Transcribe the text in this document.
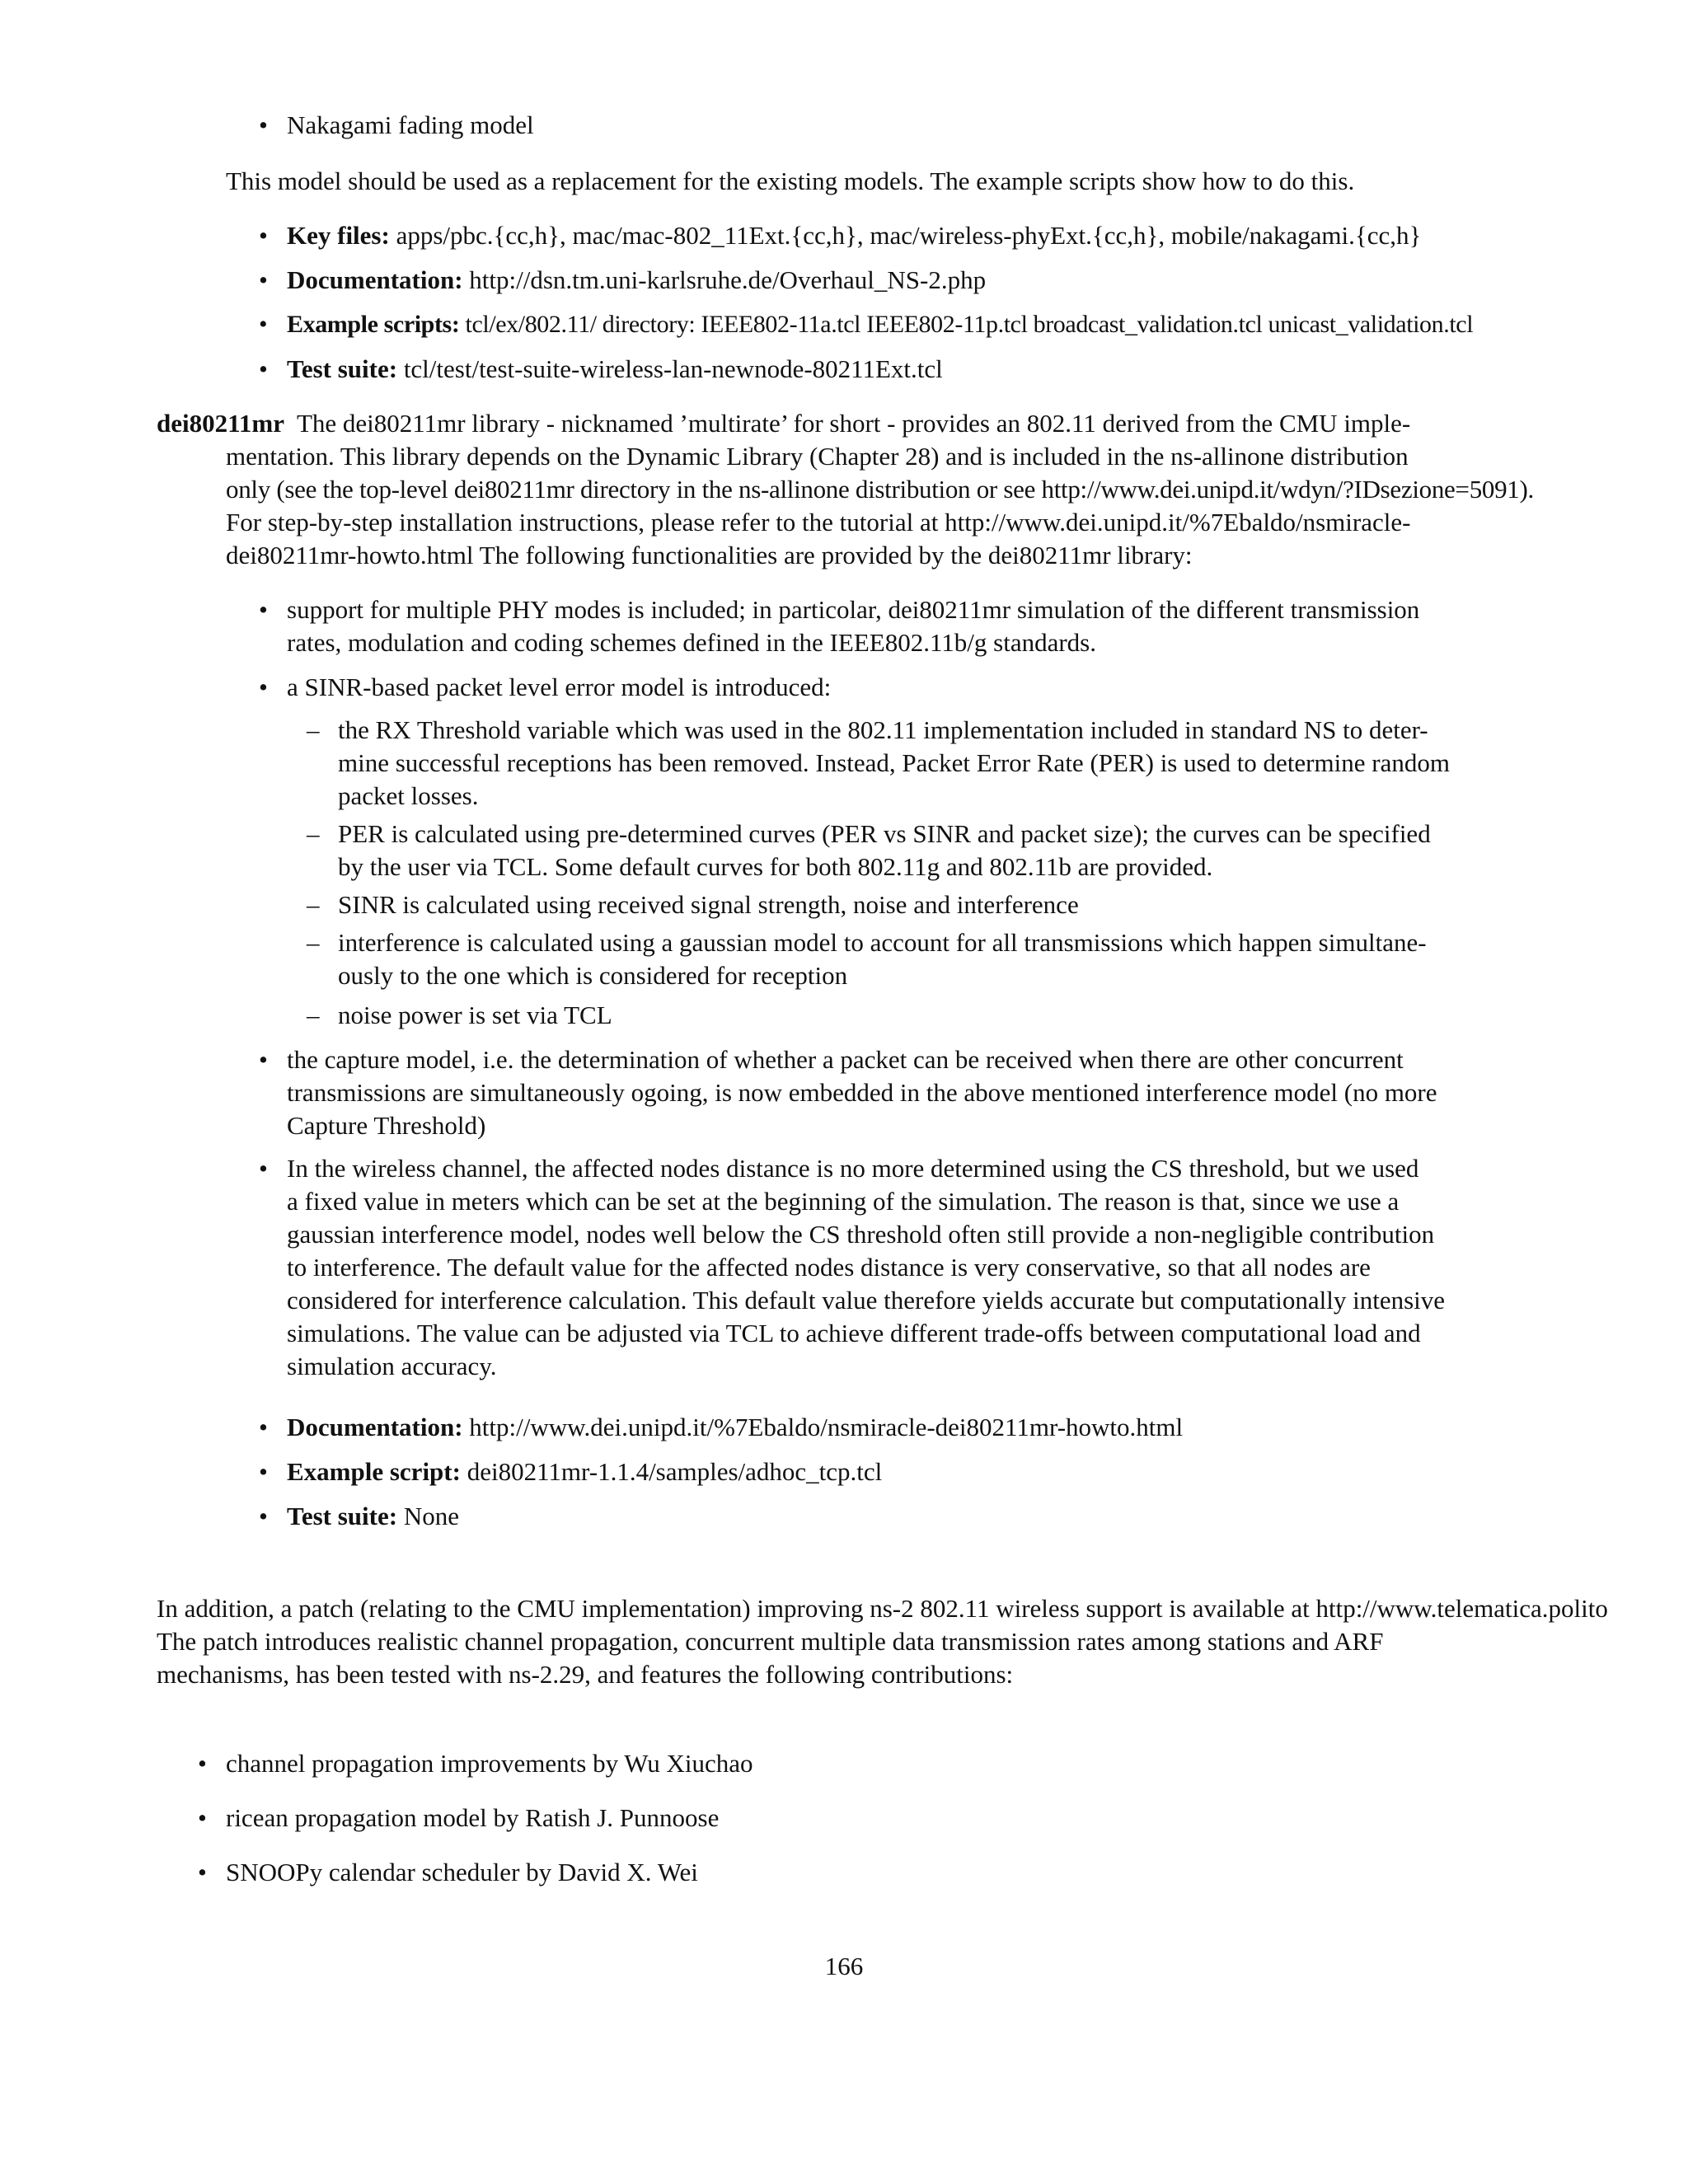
• Nakagami fading model
This model should be used as a replacement for the existing models. The example scripts show how to do this.
• Key files: apps/pbc.{cc,h}, mac/mac-802_11Ext.{cc,h}, mac/wireless-phyExt.{cc,h}, mobile/nakagami.{cc,h}
• Documentation: http://dsn.tm.uni-karlsruhe.de/Overhaul_NS-2.php
• Example scripts: tcl/ex/802.11/ directory: IEEE802-11a.tcl IEEE802-11p.tcl broadcast_validation.tcl unicast_validation.tcl
• Test suite: tcl/test/test-suite-wireless-lan-newnode-80211Ext.tcl
dei80211mr The dei80211mr library - nicknamed ’multirate’ for short - provides an 802.11 derived from the CMU imple-
mentation. This library depends on the Dynamic Library (Chapter 28) and is included in the ns-allinone distribution
only (see the top-level dei80211mr directory in the ns-allinone distribution or see http://www.dei.unipd.it/wdyn/?IDsezione=5091).
For step-by-step installation instructions, please refer to the tutorial at http://www.dei.unipd.it/%7Ebaldo/nsmiracle-
dei80211mr-howto.html The following functionalities are provided by the dei80211mr library:
• support for multiple PHY modes is included; in particolar, dei80211mr simulation of the different transmission
rates, modulation and coding schemes defined in the IEEE802.11b/g standards.
• a SINR-based packet level error model is introduced:
– the RX Threshold variable which was used in the 802.11 implementation included in standard NS to deter-
mine successful receptions has been removed. Instead, Packet Error Rate (PER) is used to determine random
packet losses.
– PER is calculated using pre-determined curves (PER vs SINR and packet size); the curves can be specified
by the user via TCL. Some default curves for both 802.11g and 802.11b are provided.
– SINR is calculated using received signal strength, noise and interference
– interference is calculated using a gaussian model to account for all transmissions which happen simultane-
ously to the one which is considered for reception
– noise power is set via TCL
• the capture model, i.e. the determination of whether a packet can be received when there are other concurrent
transmissions are simultaneously ogoing, is now embedded in the above mentioned interference model (no more
Capture Threshold)
• In the wireless channel, the affected nodes distance is no more determined using the CS threshold, but we used
a fixed value in meters which can be set at the beginning of the simulation. The reason is that, since we use a
gaussian interference model, nodes well below the CS threshold often still provide a non-negligible contribution
to interference. The default value for the affected nodes distance is very conservative, so that all nodes are
considered for interference calculation. This default value therefore yields accurate but computationally intensive
simulations. The value can be adjusted via TCL to achieve different trade-offs between computational load and
simulation accuracy.
• Documentation: http://www.dei.unipd.it/%7Ebaldo/nsmiracle-dei80211mr-howto.html
• Example script: dei80211mr-1.1.4/samples/adhoc_tcp.tcl
• Test suite: None
In addition, a patch (relating to the CMU implementation) improving ns-2 802.11 wireless support is available at http://www.telematica.polito
The patch introduces realistic channel propagation, concurrent multiple data transmission rates among stations and ARF
mechanisms, has been tested with ns-2.29, and features the following contributions:
• channel propagation improvements by Wu Xiuchao
• ricean propagation model by Ratish J. Punnoose
• SNOOPy calendar scheduler by David X. Wei
166
